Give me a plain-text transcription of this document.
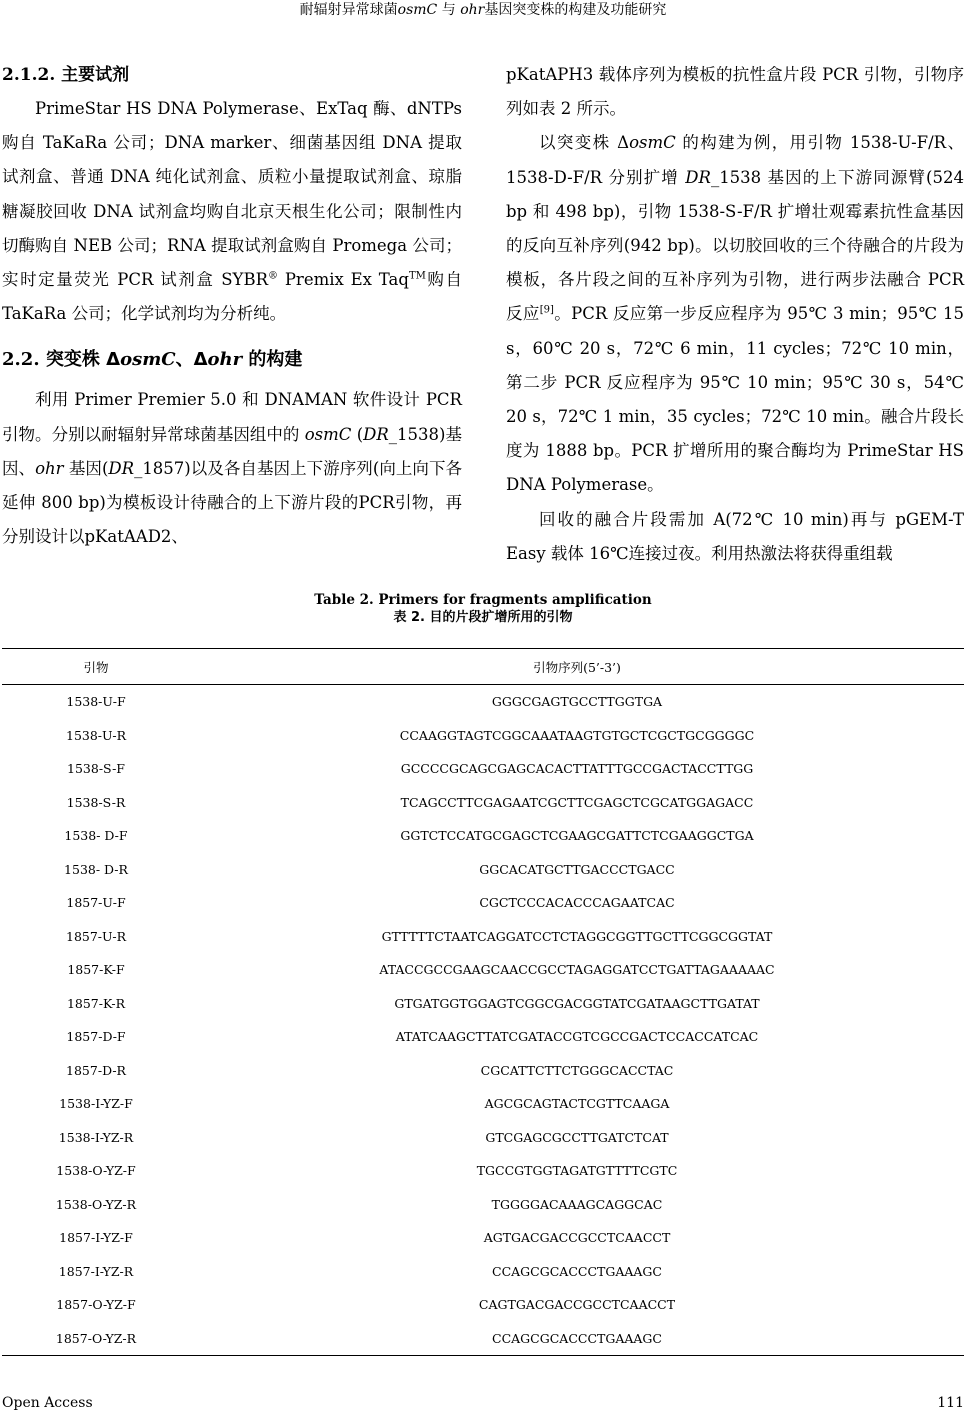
耐辐射异常球菌osmC 与 ohr基因突变株的构建及功能研究
2.1.2. 主要试剂

PrimeStar HS DNA Polymerase、ExTaq 酶、dNTPs 购自 TaKaRa 公司；DNA marker、细菌基因组 DNA 提取试剂盒、普通 DNA 纯化试剂盒、质粒小量提取试剂盒、琼脂糖凝胶回收 DNA 试剂盒均购自北京天根生化公司；限制性内切酶购自 NEB 公司；RNA 提取试剂盒购自 Promega 公司；实时定量荧光 PCR 试剂盒 SYBR® Premix Ex Taq™购自 TaKaRa 公司；化学试剂均为分析纯。

2.2. 突变株 ΔosmC、Δohr 的构建

利用 Primer Premier 5.0 和 DNAMAN 软件设计 PCR 引物。分别以耐辐射异常球菌基因组中的 osmC (DR_1538)基因、ohr 基因(DR_1857)以及各自基因上下游序列(向上向下各延伸 800 bp)为模板设计待融合的上下游片段的PCR引物，再分别设计以pKatAAD2、

pKatAPH3 载体序列为模板的抗性盒片段 PCR 引物，引物序列如表 2 所示。

以突变株 ΔosmC 的构建为例，用引物 1538-U-F/R、1538-D-F/R 分别扩增 DR_1538 基因的上下游同源臂(524 bp 和 498 bp)，引物 1538-S-F/R 扩增壮观霉素抗性盒基因的反向互补序列(942 bp)。以切胶回收的三个待融合的片段为模板，各片段之间的互补序列为引物，进行两步法融合 PCR 反应[9]。PCR 反应第一步反应程序为 95℃ 3 min；95℃ 15 s，60℃ 20 s，72℃ 6 min，11 cycles；72℃ 10 min，第二步 PCR 反应程序为 95℃ 10 min；95℃ 30 s，54℃ 20 s，72℃ 1 min，35 cycles；72℃ 10 min。融合片段长度为 1888 bp。PCR 扩增所用的聚合酶均为 PrimeStar HS DNA Polymerase。

回收的融合片段需加 A(72℃ 10 min)再与 pGEM-T Easy 载体 16℃连接过夜。利用热激法将获得重组载

Table 2. Primers for fragments amplification
表 2. 目的片段扩增所用的引物
引物	引物序列(5’-3’)
1538-U-F	GGGCGAGTGCCTTGGTGA
1538-U-R	CCAAGGTAGTCGGCAAATAAGTGTGCTCGCTGCGGGGC
1538-S-F	GCCCCGCAGCGAGCACACTTATTTGCCGACTACCTTGG
1538-S-R	TCAGCCTTCGAGAATCGCTTCGAGCTCGCATGGAGACC
1538- D-F	GGTCTCCATGCGAGCTCGAAGCGATTCTCGAAGGCTGA
1538- D-R	GGCACATGCTTGACCCTGACC
1857-U-F	CGCTCCCACACCCAGAATCAC
1857-U-R	GTTTTTCTAATCAGGATCCTCTAGGCGGTTGCTTCGGCGGTAT
1857-K-F	ATACCGCCGAAGCAACCGCCTAGAGGATCCTGATTAGAAAAAC
1857-K-R	GTGATGGTGGAGTCGGCGACGGTATCGATAAGCTTGATAT
1857-D-F	ATATCAAGCTTATCGATACCGTCGCCGACTCCACCATCAC
1857-D-R	CGCATTCTTCTGGGCACCTAC
1538-I-YZ-F	AGCGCAGTACTCGTTCAAGA
1538-I-YZ-R	GTCGAGCGCCTTGATCTCAT
1538-O-YZ-F	TGCCGTGGTAGATGTTTTCGTC
1538-O-YZ-R	TGGGGACAAAGCAGGCAC
1857-I-YZ-F	AGTGACGACCGCCTCAACCT
1857-I-YZ-R	CCAGCGCACCCTGAAAGC
1857-O-YZ-F	CAGTGACGACCGCCTCAACCT
1857-O-YZ-R	CCAGCGCACCCTGAAAGC
Open Access	111
